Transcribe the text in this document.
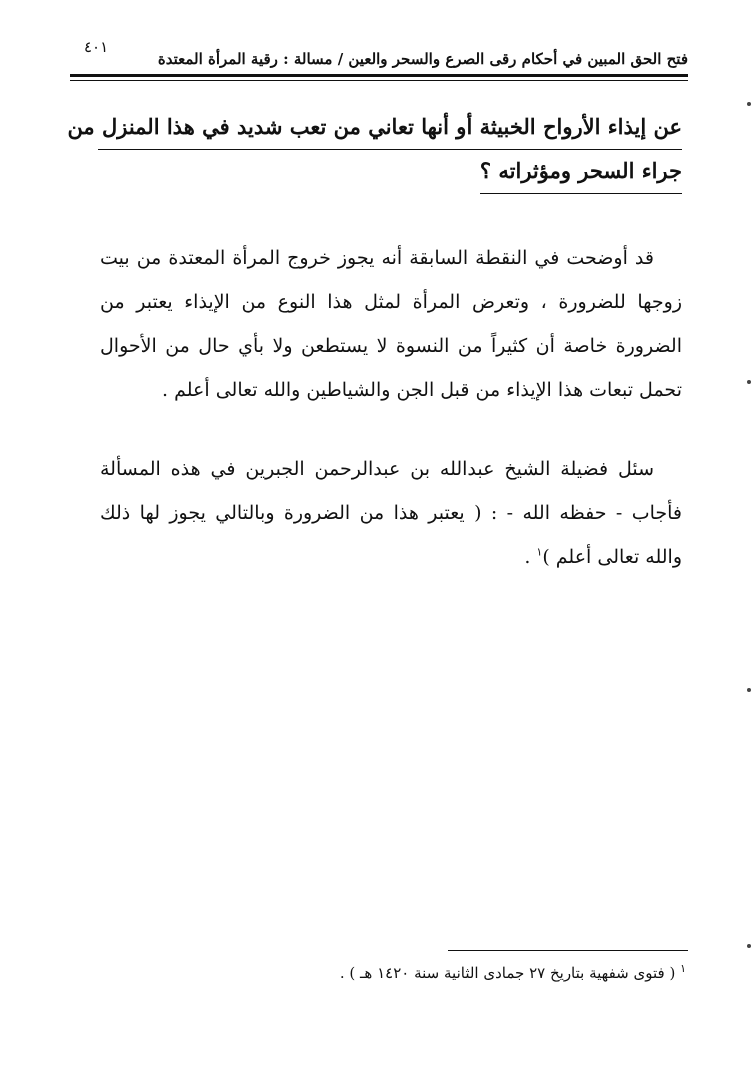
٤٠١
فتح الحق المبين في أحكام رقى الصرع والسحر والعين / مسالة : رقية المرأة المعتدة
عن إيذاء الأرواح الخبيثة أو أنها تعاني من تعب شديد في هذا المنزل من
جراء السحر ومؤثراته ؟
قد أوضحت في النقطة السابقة أنه يجوز خروج المرأة المعتدة من بيت
زوجها للضرورة ، وتعرض المرأة لمثل هذا النوع من الإيذاء يعتبر من
الضرورة خاصة أن كثيراً من النسوة لا يستطعن ولا بأي حال من الأحوال
تحمل تبعات هذا الإيذاء من قبل الجن والشياطين والله تعالى أعلم .
سئل فضيلة الشيخ عبدالله بن عبدالرحمن الجبرين في هذه المسألة
فأجاب - حفظه الله - : ( يعتبر هذا من الضرورة وبالتالي يجوز لها ذلك
والله تعالى أعلم )$^١$ .
$^١$ ( فتوى شفهية بتاريخ ٢٧ جمادى الثانية سنة ١٤٢٠ هـ ) .
